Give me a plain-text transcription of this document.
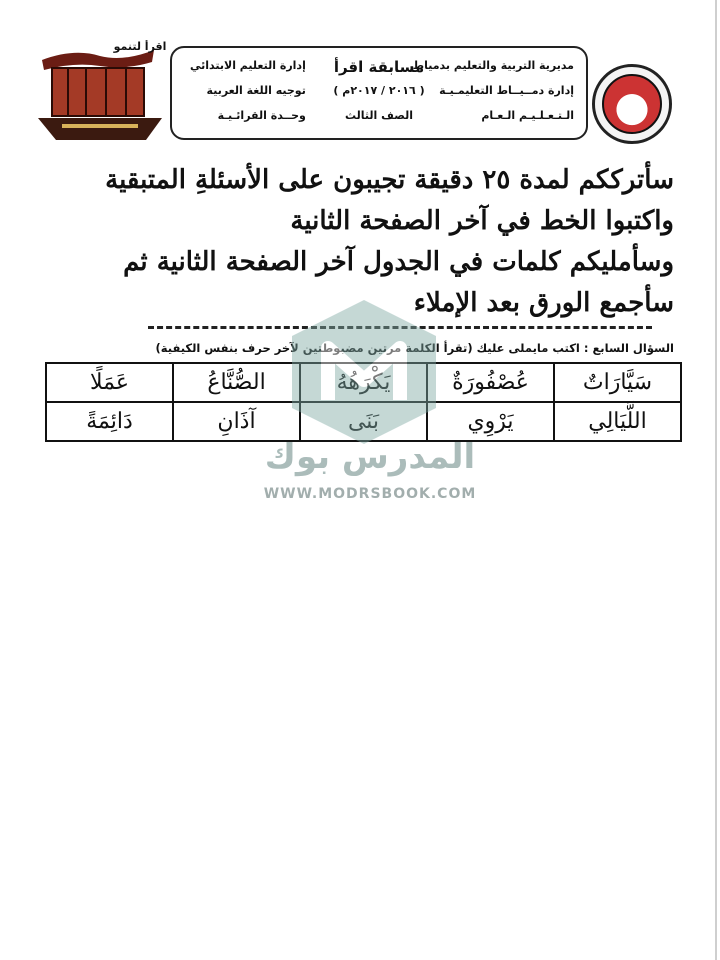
اقرأ لتنمو
مديرية التربية والتعليم بدمياط
إدارة دمــيــاط التعليمـيـة
الـتـعـلـيـم الـعـام
مسابقة اقرأ
( ٢٠١٦ / ٢٠١٧م )
الصف الثالث
إدارة التعليم الابتدائي
توجيه اللغة العربية
وحــدة القرائـيـة
سأترككم لمدة ٢٥ دقيقة تجيبون على الأسئلةِ المتبقية
واكتبوا الخط في آخر الصفحة الثانية
وسأمليكم كلمات في الجدول آخر الصفحة الثانية ثم
سأجمع الورق بعد الإملاء
السؤال السابع : اكتب مايملى عليك (تقرأ الكلمة مرتين مضبوطتين لآخر حرف بنفس الكيفية)
سَيَّارَاتٌ	عُصْفُورَةٌ	يَكْرَهُهُ	الصُّنَّاعُ	عَمَلًا
اللَّيَالِي	يَرْوِي	بَنَى	آذَانِ	دَائِمَةً
المدرس بوك
WWW.MODRSBOOK.COM
